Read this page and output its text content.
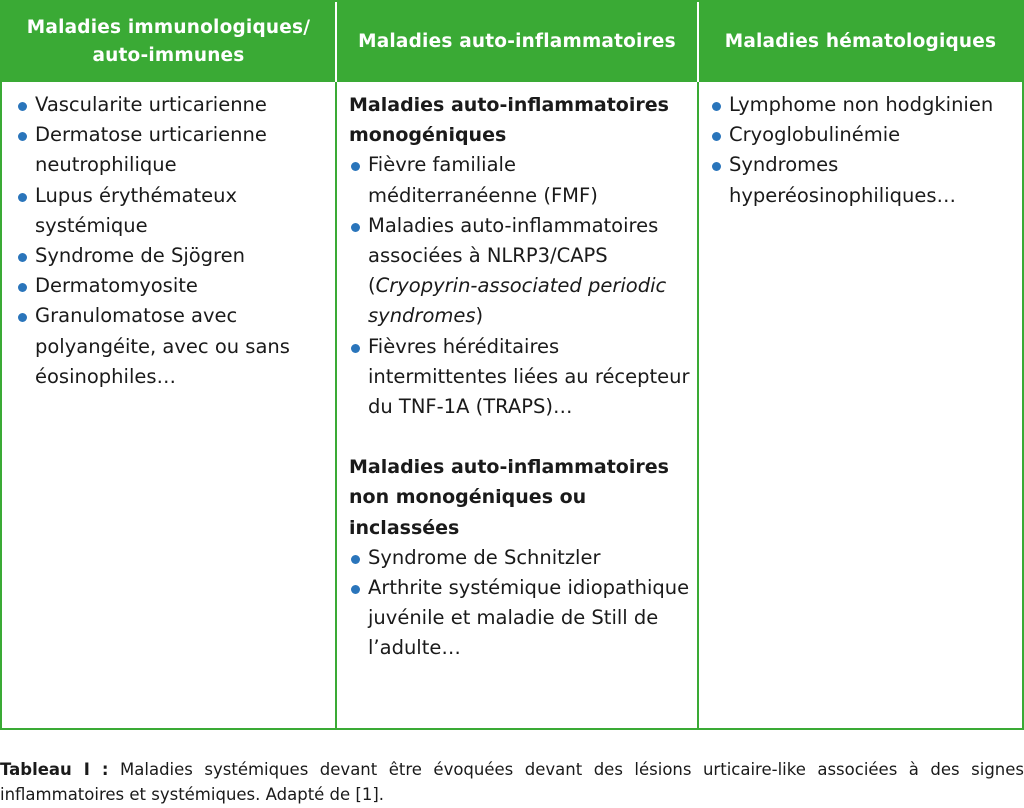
Maladies immunologiques/
auto-immunes
Maladies auto-inflammatoires	Maladies hématologiques
Vascularite urticarienne
Dermatose urticarienne neutrophilique
Lupus érythémateux systémique
Syndrome de Sjögren
Dermatomyosite
Granulomatose avec polyangéite, avec ou sans éosinophiles…
Maladies auto-inflammatoires monogéniques
Fièvre familiale méditerranéenne (FMF)
Maladies auto-inflammatoires associées à NLRP3/CAPS (Cryopyrin-associated periodic syndromes)
Fièvres héréditaires intermittentes liées au récepteur du TNF-1A (TRAPS)…
Maladies auto-inflammatoires non monogéniques ou inclassées
Syndrome de Schnitzler
Arthrite systémique idiopathique juvénile et maladie de Still de l’adulte…
Lymphome non hodgkinien
Cryoglobulinémie
Syndromes hyperéosinophiliques…
Tableau I : Maladies systémiques devant être évoquées devant des lésions urticaire-like associées à des signes inflammatoires et systémiques. Adapté de [1].
